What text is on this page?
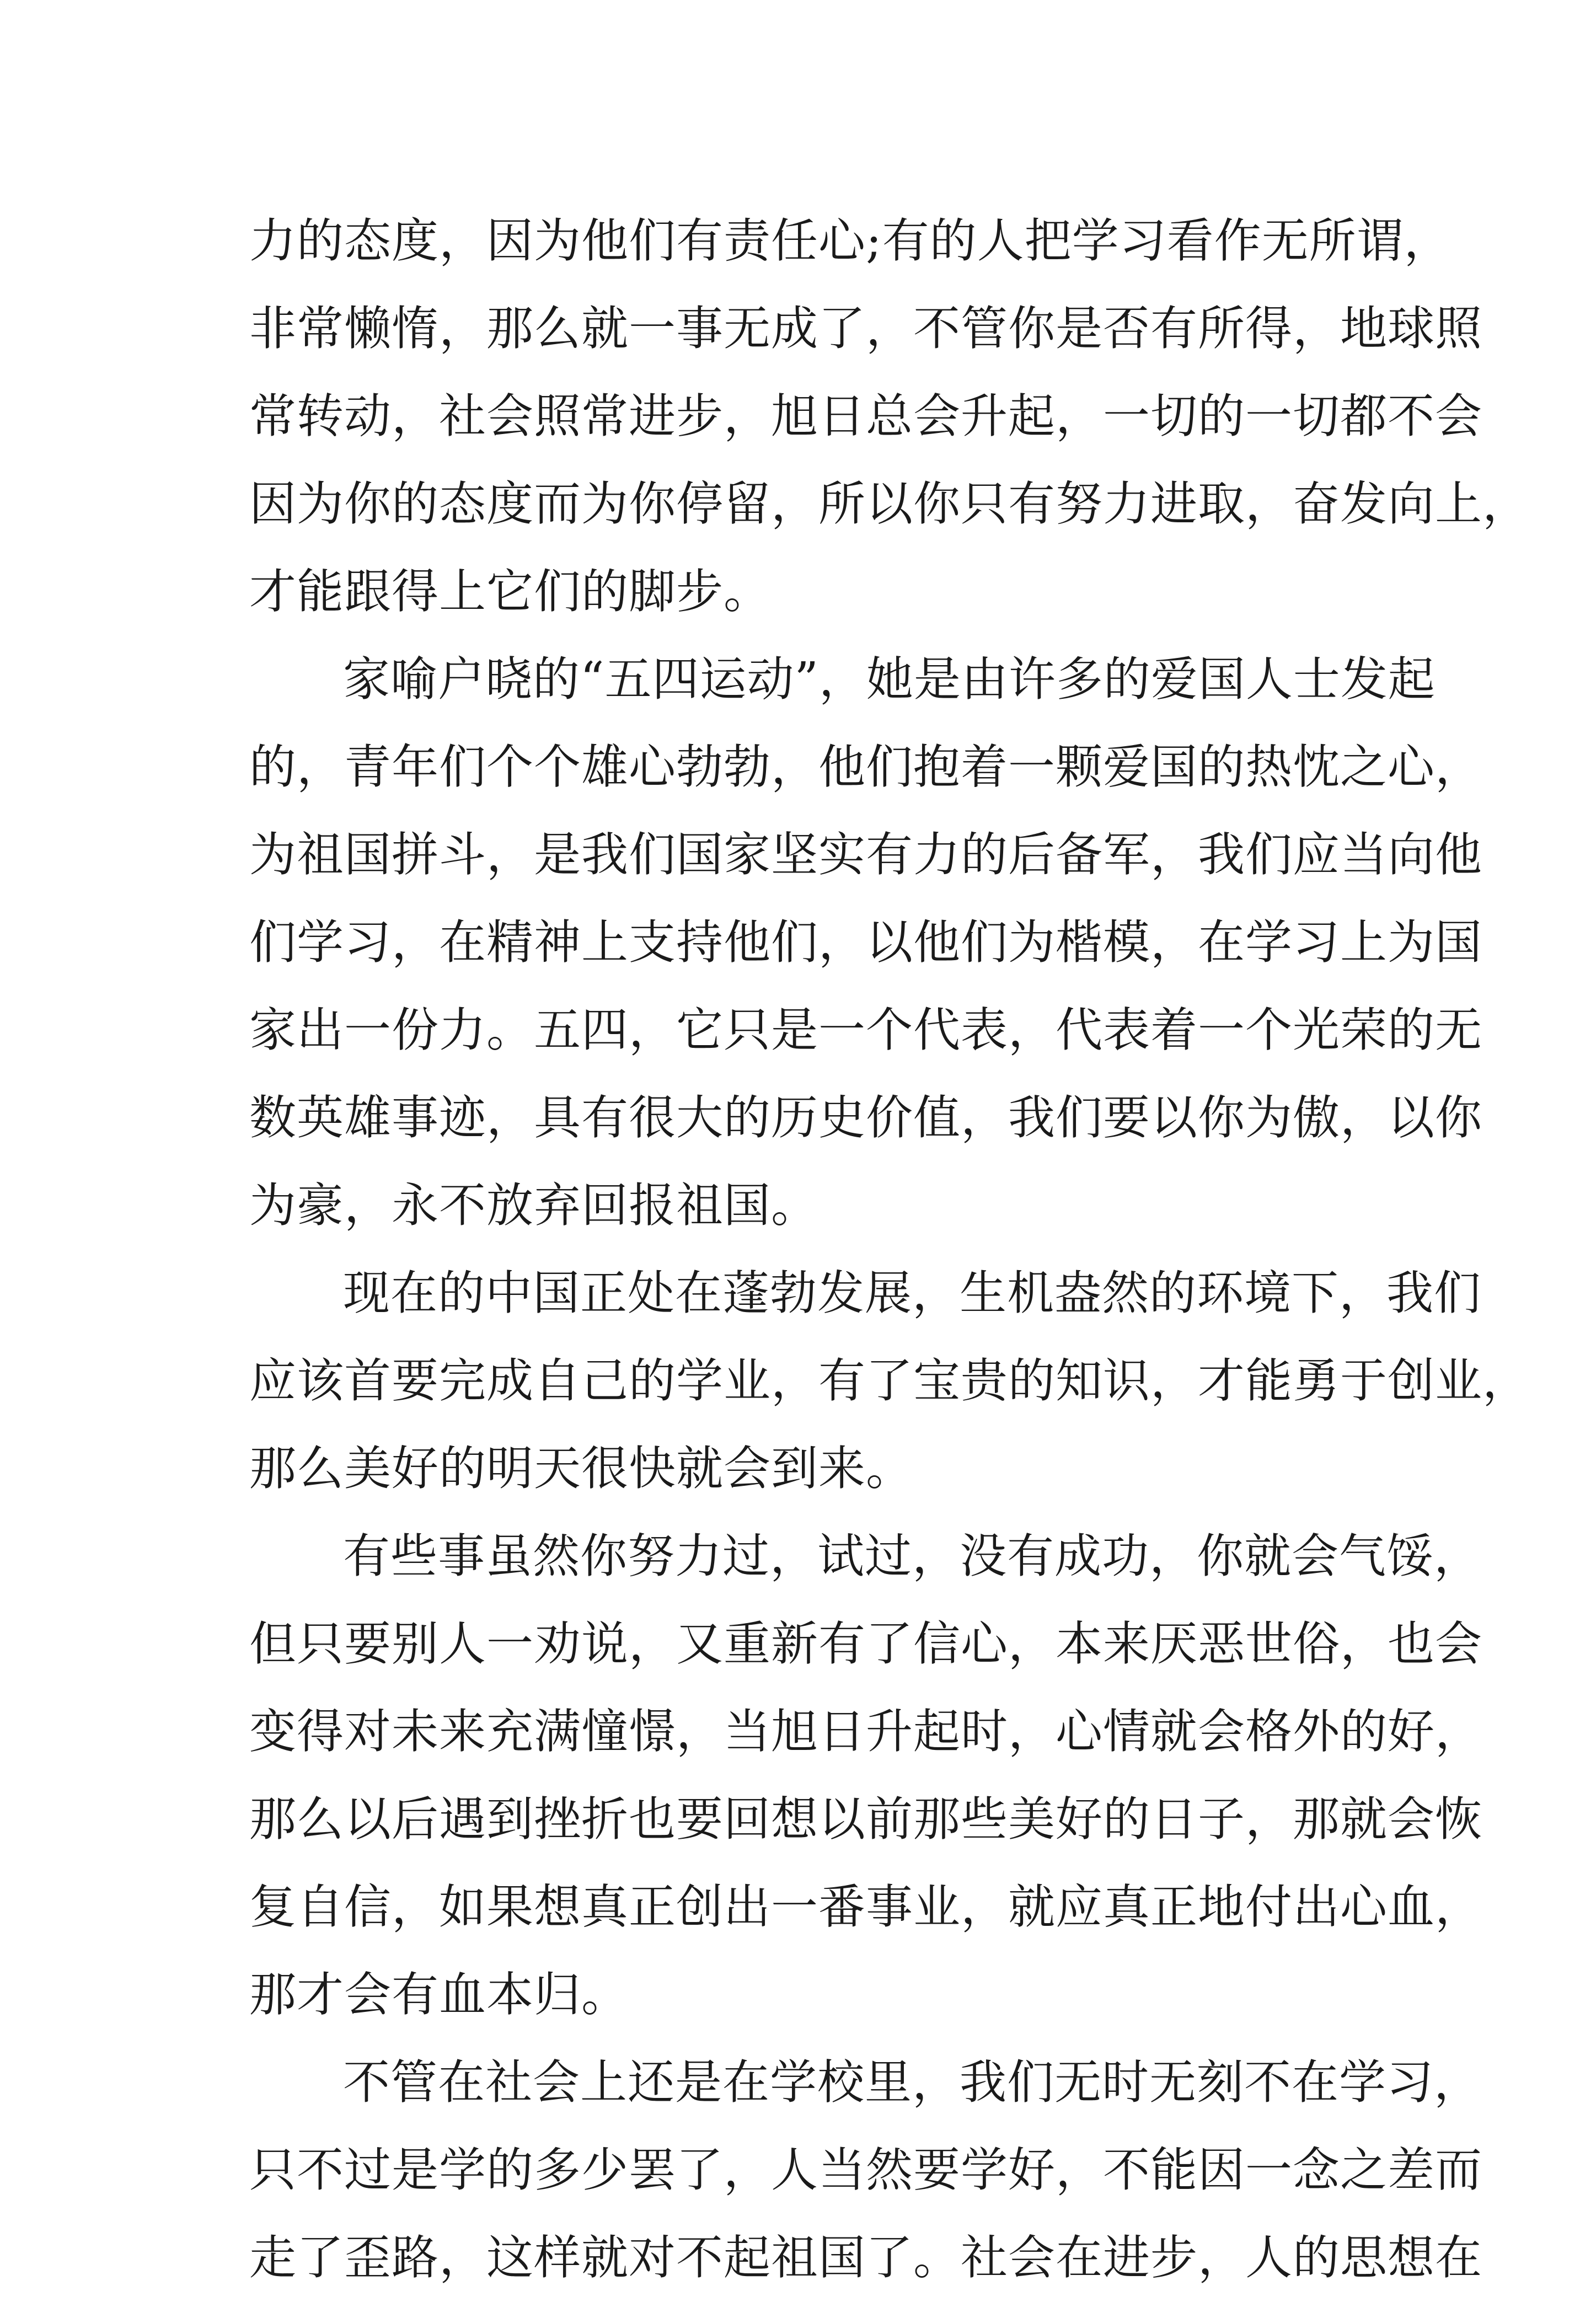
力的态度，因为他们有责任心;有的人把学习看作无所谓，
非常懒惰，那么就一事无成了，不管你是否有所得，地球照
常转动，社会照常进步，旭日总会升起，一切的一切都不会
因为你的态度而为你停留，所以你只有努力进取，奋发向上，
才能跟得上它们的脚步。
家喻户晓的“五四运动”，她是由许多的爱国人士发起
的，青年们个个雄心勃勃，他们抱着一颗爱国的热忱之心，
为祖国拼斗，是我们国家坚实有力的后备军，我们应当向他
们学习，在精神上支持他们，以他们为楷模，在学习上为国
家出一份力。五四，它只是一个代表，代表着一个光荣的无
数英雄事迹，具有很大的历史价值，我们要以你为傲，以你
为豪，永不放弃回报祖国。
现在的中国正处在蓬勃发展，生机盎然的环境下，我们
应该首要完成自己的学业，有了宝贵的知识，才能勇于创业，
那么美好的明天很快就会到来。
有些事虽然你努力过，试过，没有成功，你就会气馁，
但只要别人一劝说，又重新有了信心，本来厌恶世俗，也会
变得对未来充满憧憬，当旭日升起时，心情就会格外的好，
那么以后遇到挫折也要回想以前那些美好的日子，那就会恢
复自信，如果想真正创出一番事业，就应真正地付出心血，
那才会有血本归。
不管在社会上还是在学校里，我们无时无刻不在学习，
只不过是学的多少罢了，人当然要学好，不能因一念之差而
走了歪路，这样就对不起祖国了。社会在进步，人的思想在
